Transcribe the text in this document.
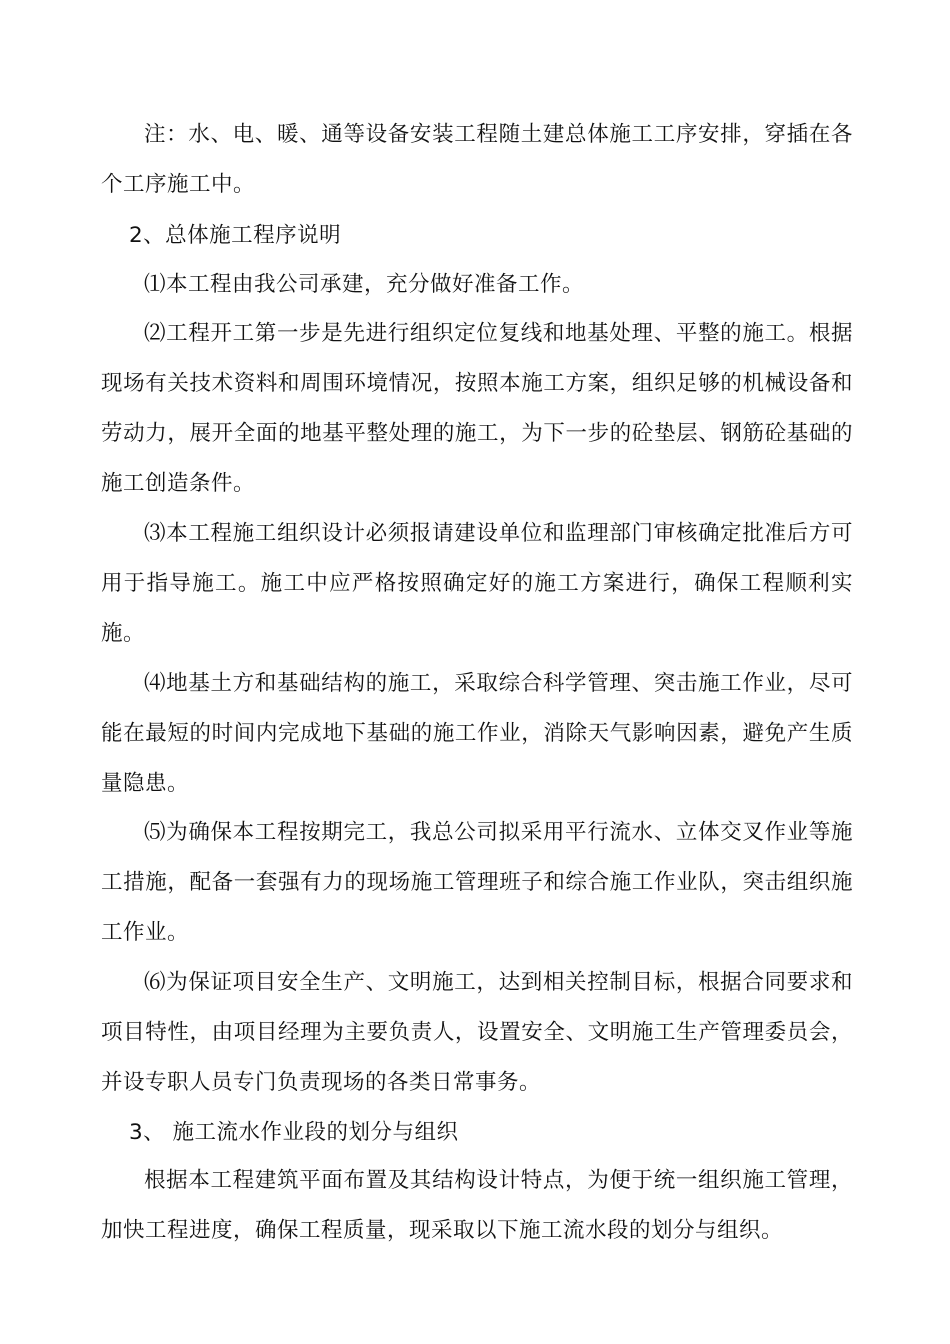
注：水、电、暖、通等设备安装工程随土建总体施工工序安排，穿插在各个工序施工中。

2、总体施工程序说明

⑴本工程由我公司承建，充分做好准备工作。

⑵工程开工第一步是先进行组织定位复线和地基处理、平整的施工。根据现场有关技术资料和周围环境情况，按照本施工方案，组织足够的机械设备和劳动力，展开全面的地基平整处理的施工，为下一步的砼垫层、钢筋砼基础的施工创造条件。

⑶本工程施工组织设计必须报请建设单位和监理部门审核确定批准后方可用于指导施工。施工中应严格按照确定好的施工方案进行，确保工程顺利实施。

⑷地基土方和基础结构的施工，采取综合科学管理、突击施工作业，尽可能在最短的时间内完成地下基础的施工作业，消除天气影响因素，避免产生质量隐患。

⑸为确保本工程按期完工，我总公司拟采用平行流水、立体交叉作业等施工措施，配备一套强有力的现场施工管理班子和综合施工作业队，突击组织施工作业。

⑹为保证项目安全生产、文明施工，达到相关控制目标，根据合同要求和项目特性，由项目经理为主要负责人，设置安全、文明施工生产管理委员会，并设专职人员专门负责现场的各类日常事务。

3、 施工流水作业段的划分与组织

根据本工程建筑平面布置及其结构设计特点，为便于统一组织施工管理，加快工程进度，确保工程质量，现采取以下施工流水段的划分与组织。
